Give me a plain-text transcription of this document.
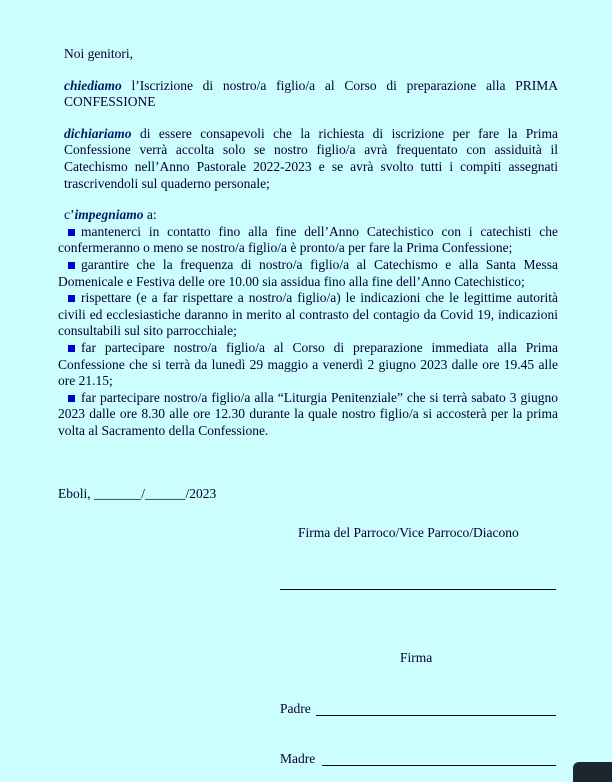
Noi genitori,

chiediamo l’Iscrizione di nostro/a figlio/a al Corso di preparazione alla PRIMA CONFESSIONE

dichiariamo di essere consapevoli che la richiesta di iscrizione per fare la Prima Confessione verrà accolta solo se nostro figlio/a avrà frequentato con assiduità il Catechismo nell’Anno Pastorale 2022-2023 e se avrà svolto tutti i compiti assegnati trascrivendoli sul quaderno personale;

c’impegniamo a:

mantenerci in contatto fino alla fine dell’Anno Catechistico con i catechisti che confermeranno o meno se nostro/a figlio/a è pronto/a per fare la Prima Confessione;

garantire che la frequenza di nostro/a figlio/a al Catechismo e alla Santa Messa Domenicale e Festiva delle ore 10.00 sia assidua fino alla fine dell’Anno Catechistico;

rispettare (e a far rispettare a nostro/a figlio/a) le indicazioni che le legittime autorità civili ed ecclesiastiche daranno in merito al contrasto del contagio da Covid 19, indicazioni consultabili sul sito parrocchiale;

far partecipare nostro/a figlio/a al Corso di preparazione immediata alla Prima Confessione che si terrà da lunedì 29 maggio a venerdì 2 giugno 2023 dalle ore 19.45 alle ore 21.15;

far partecipare nostro/a figlio/a alla “Liturgia Penitenziale” che si terrà sabato 3 giugno 2023 dalle ore 8.30 alle ore 12.30 durante la quale nostro figlio/a si accosterà per la prima volta al Sacramento della Confessione.

Eboli, _______/______/2023
Firma del Parroco/Vice Parroco/Diacono
Firma
Padre
Madre
